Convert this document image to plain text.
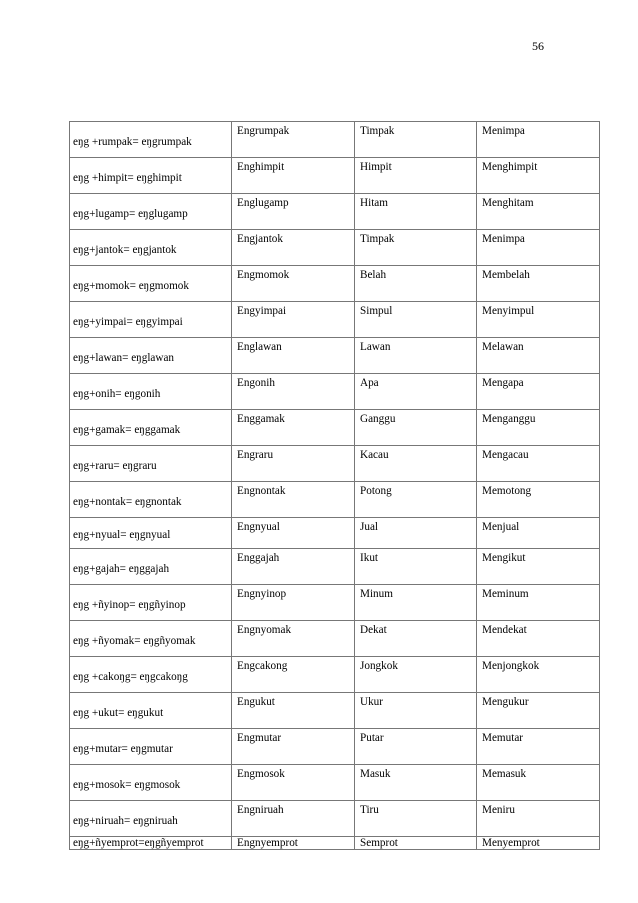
56
eŋg +rumpak= eŋgrumpak	Engrumpak	Timpak	Menimpa
eŋg +himpit= eŋghimpit	Enghimpit	Himpit	Menghimpit
eŋg+lugamp= eŋglugamp	Englugamp	Hitam	Menghitam
eŋg+jantok= eŋgjantok	Engjantok	Timpak	Menimpa
eŋg+momok= eŋgmomok	Engmomok	Belah	Membelah
eŋg+yimpai= eŋgyimpai	Engyimpai	Simpul	Menyimpul
eŋg+lawan= eŋglawan	Englawan	Lawan	Melawan
eŋg+onih= eŋgonih	Engonih	Apa	Mengapa
eŋg+gamak= eŋggamak	Enggamak	Ganggu	Menganggu
eŋg+raru= eŋgraru	Engraru	Kacau	Mengacau
eŋg+nontak= eŋgnontak	Engnontak	Potong	Memotong
eŋg+nyual= eŋgnyual	Engnyual	Jual	Menjual
eŋg+gajah= eŋggajah	Enggajah	Ikut	Mengikut
eŋg +ñyinop= eŋgñyinop	Engnyinop	Minum	Meminum
eŋg +ñyomak= eŋgñyomak	Engnyomak	Dekat	Mendekat
eŋg +cakoŋg= eŋgcakoŋg	Engcakong	Jongkok	Menjongkok
eŋg +ukut= eŋgukut	Engukut	Ukur	Mengukur
eŋg+mutar= eŋgmutar	Engmutar	Putar	Memutar
eŋg+mosok= eŋgmosok	Engmosok	Masuk	Memasuk
eŋg+niruah= eŋgniruah	Engniruah	Tiru	Meniru
eŋg+ñyemprot=eŋgñyemprot	Engnyemprot	Semprot	Menyemprot
